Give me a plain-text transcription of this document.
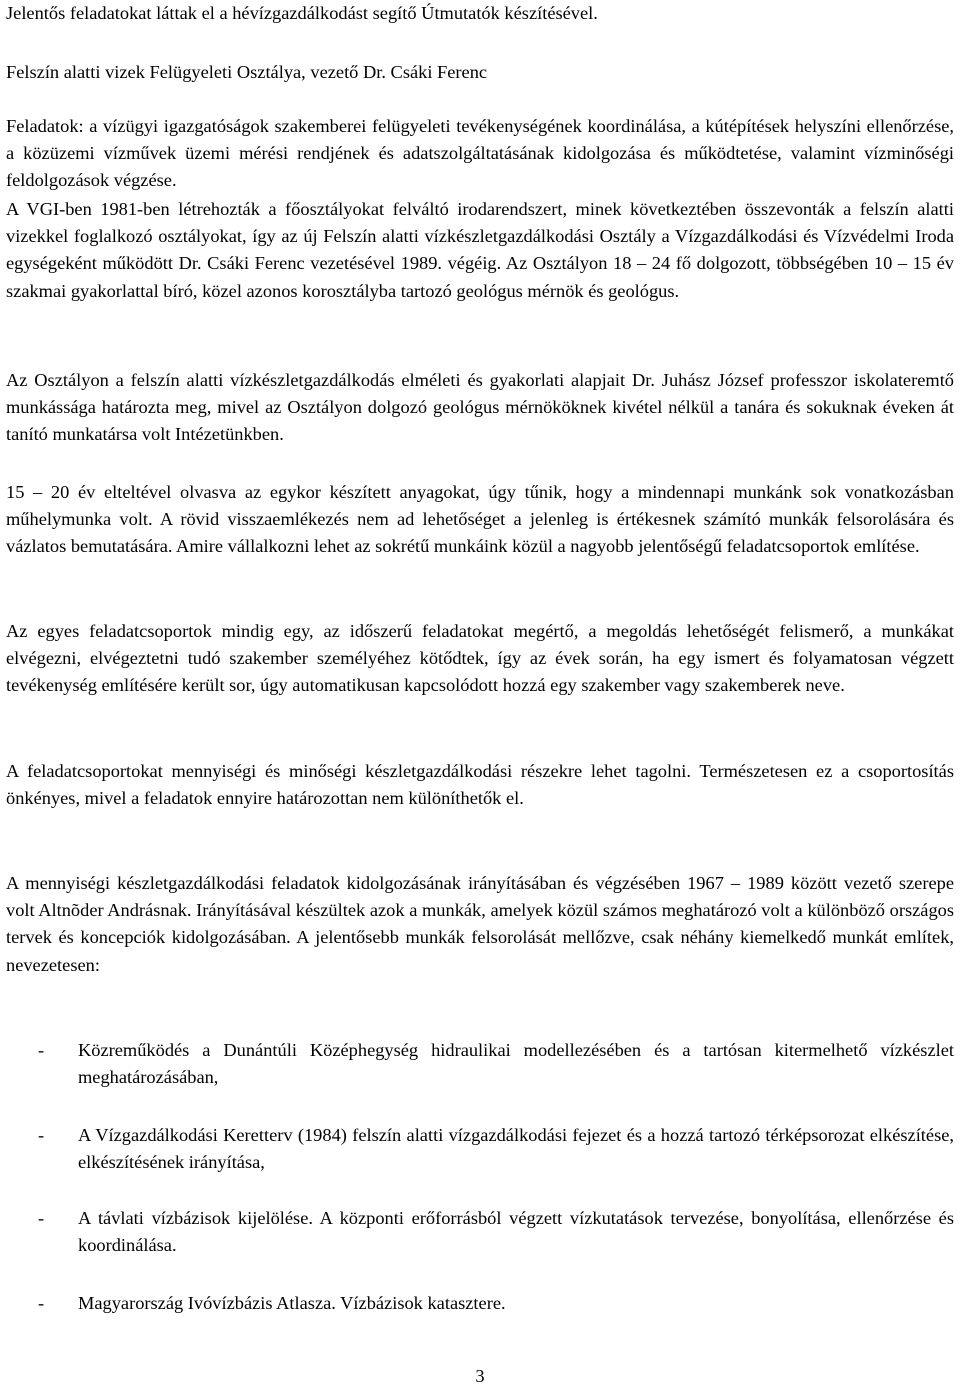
Jelentős feladatokat láttak el a hévízgazdálkodást segítő Útmutatók készítésével.

Felszín alatti vizek Felügyeleti Osztálya, vezető Dr. Csáki Ferenc

Feladatok: a vízügyi igazgatóságok szakemberei felügyeleti tevékenységének koordinálása, a kútépítések helyszíni ellenőrzése, a közüzemi vízművek üzemi mérési rendjének és adatszolgáltatásának kidolgozása és működtetése, valamint vízminőségi feldolgozások végzése.

A VGI-ben 1981-ben létrehozták a főosztályokat felváltó irodarendszert, minek következtében összevonták a felszín alatti vizekkel foglalkozó osztályokat, így az új Felszín alatti vízkészletgazdálkodási Osztály a Vízgazdálkodási és Vízvédelmi Iroda egységeként működött Dr. Csáki Ferenc vezetésével 1989. végéig. Az Osztályon 18 – 24 fő dolgozott, többségében 10 – 15 év szakmai gyakorlattal bíró, közel azonos korosztályba tartozó geológus mérnök és geológus.

Az Osztályon a felszín alatti vízkészletgazdálkodás elméleti és gyakorlati alapjait Dr. Juhász József professzor iskolateremtő munkássága határozta meg, mivel az Osztályon dolgozó geológus mérnököknek kivétel nélkül a tanára és sokuknak éveken át tanító munkatársa volt Intézetünkben.

15 – 20 év elteltével olvasva az egykor készített anyagokat, úgy tűnik, hogy a mindennapi munkánk sok vonatkozásban műhelymunka volt. A rövid visszaemlékezés nem ad lehetőséget a jelenleg is értékesnek számító munkák felsorolására és vázlatos bemutatására. Amire vállalkozni lehet az sokrétű munkáink közül a nagyobb jelentőségű feladatcsoportok említése.

Az egyes feladatcsoportok mindig egy, az időszerű feladatokat megértő, a megoldás lehetőségét felismerő, a munkákat elvégezni, elvégeztetni tudó szakember személyéhez kötődtek, így az évek során, ha egy ismert és folyamatosan végzett tevékenység említésére került sor, úgy automatikusan kapcsolódott hozzá egy szakember vagy szakemberek neve.

A feladatcsoportokat mennyiségi és minőségi készletgazdálkodási részekre lehet tagolni. Természetesen ez a csoportosítás önkényes, mivel a feladatok ennyire határozottan nem különíthetők el.

A mennyiségi készletgazdálkodási feladatok kidolgozásának irányításában és végzésében 1967 – 1989 között vezető szerepe volt Altnõder Andrásnak. Irányításával készültek azok a munkák, amelyek közül számos meghatározó volt a különböző országos tervek és koncepciók kidolgozásában. A jelentősebb munkák felsorolását mellőzve, csak néhány kiemelkedő munkát említek, nevezetesen:

- Közreműködés a Dunántúli Középhegység hidraulikai modellezésében és a tartósan kitermelhető vízkészlet meghatározásában,
- A Vízgazdálkodási Keretterv (1984) felszín alatti vízgazdálkodási fejezet és a hozzá tartozó térképsorozat elkészítése, elkészítésének irányítása,
- A távlati vízbázisok kijelölése. A központi erőforrásból végzett vízkutatások tervezése, bonyolítása, ellenőrzése és koordinálása.
- Magyarország Ivóvízbázis Atlasza. Vízbázisok katasztere.
3
